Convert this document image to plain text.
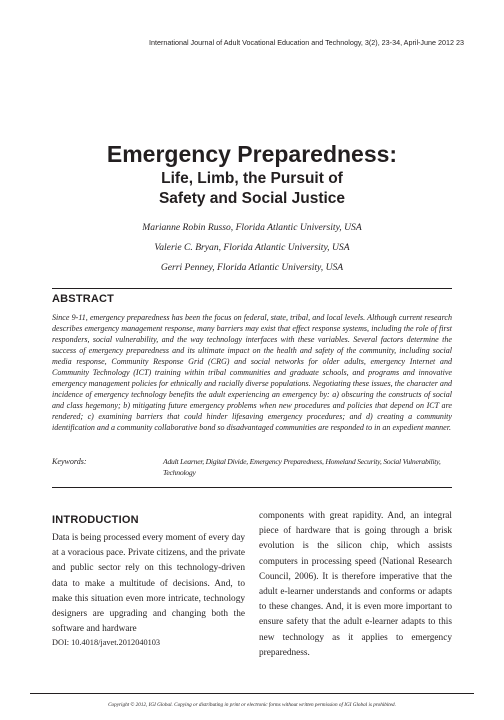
International Journal of Adult Vocational Education and Technology, 3(2), 23-34, April-June 2012 23
Emergency Preparedness:
Life, Limb, the Pursuit of
Safety and Social Justice
Marianne Robin Russo, Florida Atlantic University, USA
Valerie C. Bryan, Florida Atlantic University, USA
Gerri Penney, Florida Atlantic University, USA
ABSTRACT
Since 9-11, emergency preparedness has been the focus on federal, state, tribal, and local levels. Although current research describes emergency management response, many barriers may exist that effect response systems, including the role of first responders, social vulnerability, and the way technology interfaces with these variables. Several factors determine the success of emergency preparedness and its ultimate impact on the health and safety of the community, including social media response, Community Response Grid (CRG) and social networks for older adults, emergency Internet and Community Technology (ICT) training within tribal communities and graduate schools, and programs and innovative emergency management policies for ethnically and racially diverse populations. Negotiating these issues, the character and incidence of emergency technology benefits the adult experiencing an emergency by: a) obscuring the constructs of social and class hegemony; b) mitigating future emergency problems when new procedures and policies that depend on ICT are rendered; c) examining barriers that could hinder lifesaving emergency procedures; and d) creating a community identification and a community collaborative bond so disadvantaged communities are responded to in an expedient manner.
Keywords:	Adult Learner, Digital Divide, Emergency Preparedness, Homeland Security, Social Vulnerability, Technology
INTRODUCTION
Data is being processed every moment of every day at a voracious pace. Private citizens, and the private and public sector rely on this technology-driven data to make a multitude of decisions. And, to make this situation even more intricate, technology designers are upgrading and changing both the software and hardware
components with great rapidity. And, an integral piece of hardware that is going through a brisk evolution is the silicon chip, which assists computers in processing speed (National Research Council, 2006). It is therefore imperative that the adult e-learner understands and conforms or adapts to these changes. And, it is even more important to ensure safety that the adult e-learner adapts to this new technology as it applies to emergency preparedness.
DOI: 10.4018/javet.2012040103
Copyright © 2012, IGI Global. Copying or distributing in print or electronic forms without written permission of IGI Global is prohibited.
